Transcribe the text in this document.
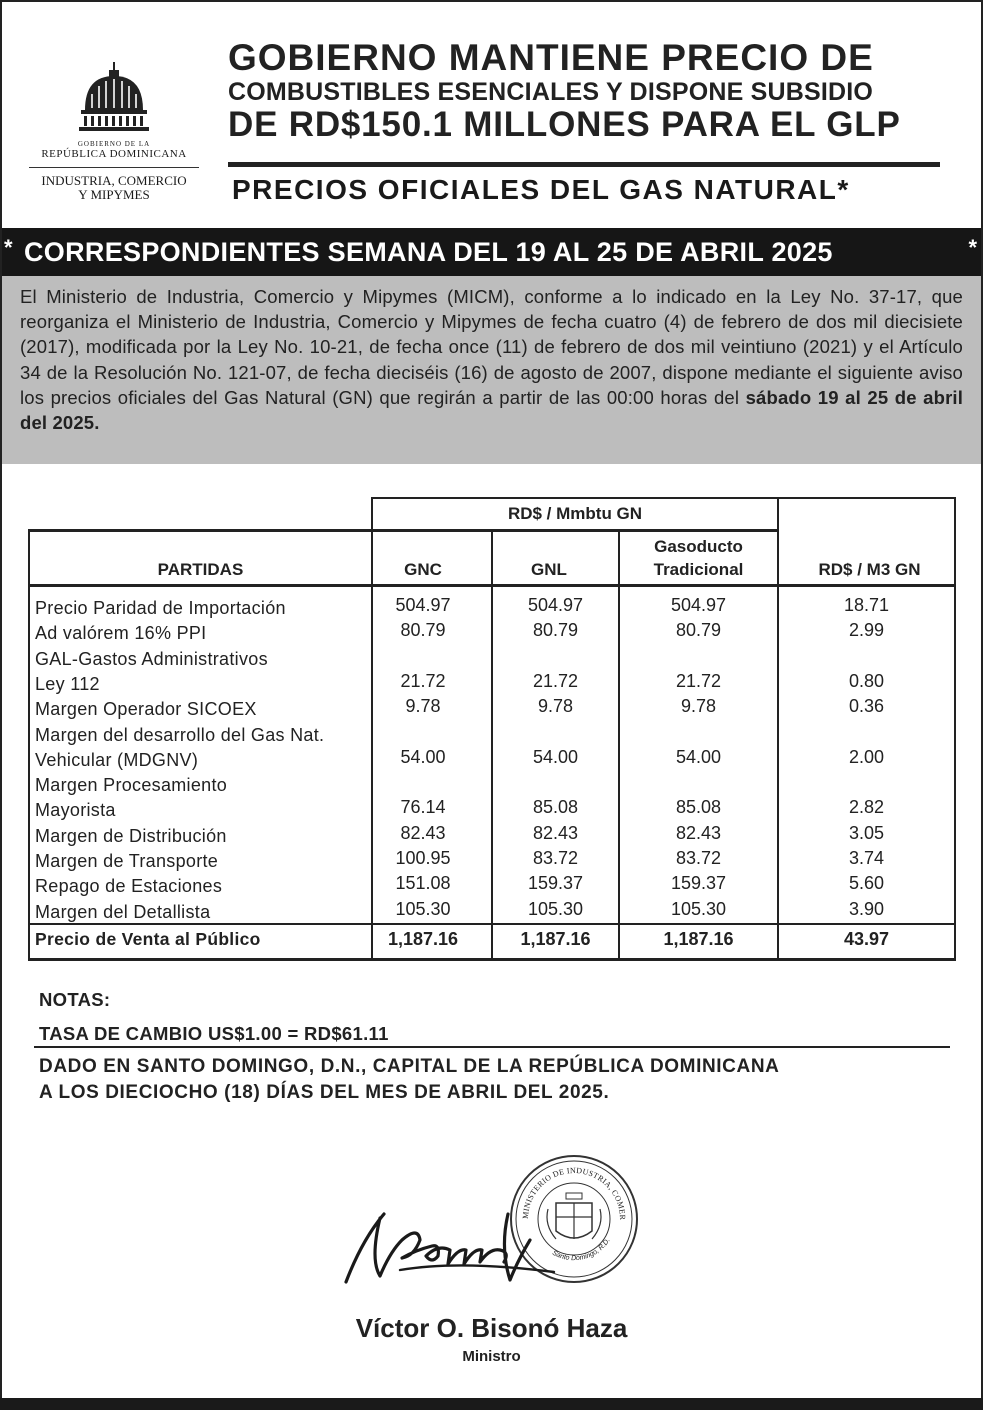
GOBIERNO DE LA
REPÚBLICA DOMINICANA
INDUSTRIA, COMERCIO
Y MIPYMES
GOBIERNO MANTIENE PRECIO DE
COMBUSTIBLES ESENCIALES Y DISPONE SUBSIDIO
DE RD$150.1 MILLONES PARA EL GLP
PRECIOS OFICIALES DEL GAS NATURAL*
* CORRESPONDIENTES SEMANA DEL 19 AL 25 DE ABRIL 2025	*
El Ministerio de Industria, Comercio y Mipymes (MICM), conforme a lo indicado en la Ley No. 37-17, que reorganiza el Ministerio de Industria, Comercio y Mipymes de fecha cuatro (4) de febrero de dos mil diecisiete (2017), modificada por la Ley No. 10-21, de fecha once (11) de febrero de dos mil veintiuno (2021) y el Artículo 34 de la Resolución No. 121-07, de fecha dieciséis (16) de agosto de 2007, dispone mediante el siguiente aviso los precios oficiales del Gas Natural (GN) que regirán a partir de las 00:00 horas del sábado 19 al 25 de abril del 2025.
RD$ / Mmbtu GN
PARTIDAS	GNC	GNL
Gasoducto
Tradicional	RD$ / M3 GN
Precio Paridad de Importación	504.97	504.97	504.97	18.71
Ad valórem 16% PPI	80.79	80.79	80.79	2.99
GAL-Gastos Administrativos
Ley 112	21.72	21.72	21.72	0.80
Margen Operador SICOEX	9.78	9.78	9.78	0.36
Margen del desarrollo del Gas Nat.
Vehicular (MDGNV)	54.00	54.00	54.00	2.00
Margen Procesamiento
Mayorista	76.14	85.08	85.08	2.82
Margen de Distribución	82.43	82.43	82.43	3.05
Margen de Transporte	100.95	83.72	83.72	3.74
Repago de Estaciones	151.08	159.37	159.37	5.60
Margen del Detallista	105.30	105.30	105.30	3.90
Precio de Venta al Público	1,187.16	1,187.16	1,187.16	43.97
NOTAS:
TASA DE CAMBIO US$1.00 = RD$61.11
DADO EN SANTO DOMINGO, D.N., CAPITAL DE LA REPÚBLICA DOMINICANA
A LOS DIECIOCHO (18) DÍAS DEL MES DE ABRIL DEL 2025.
MINISTERIO DE INDUSTRIA, COMER
Santo Domingo, R.D.
Víctor O. Bisonó Haza
Ministro
